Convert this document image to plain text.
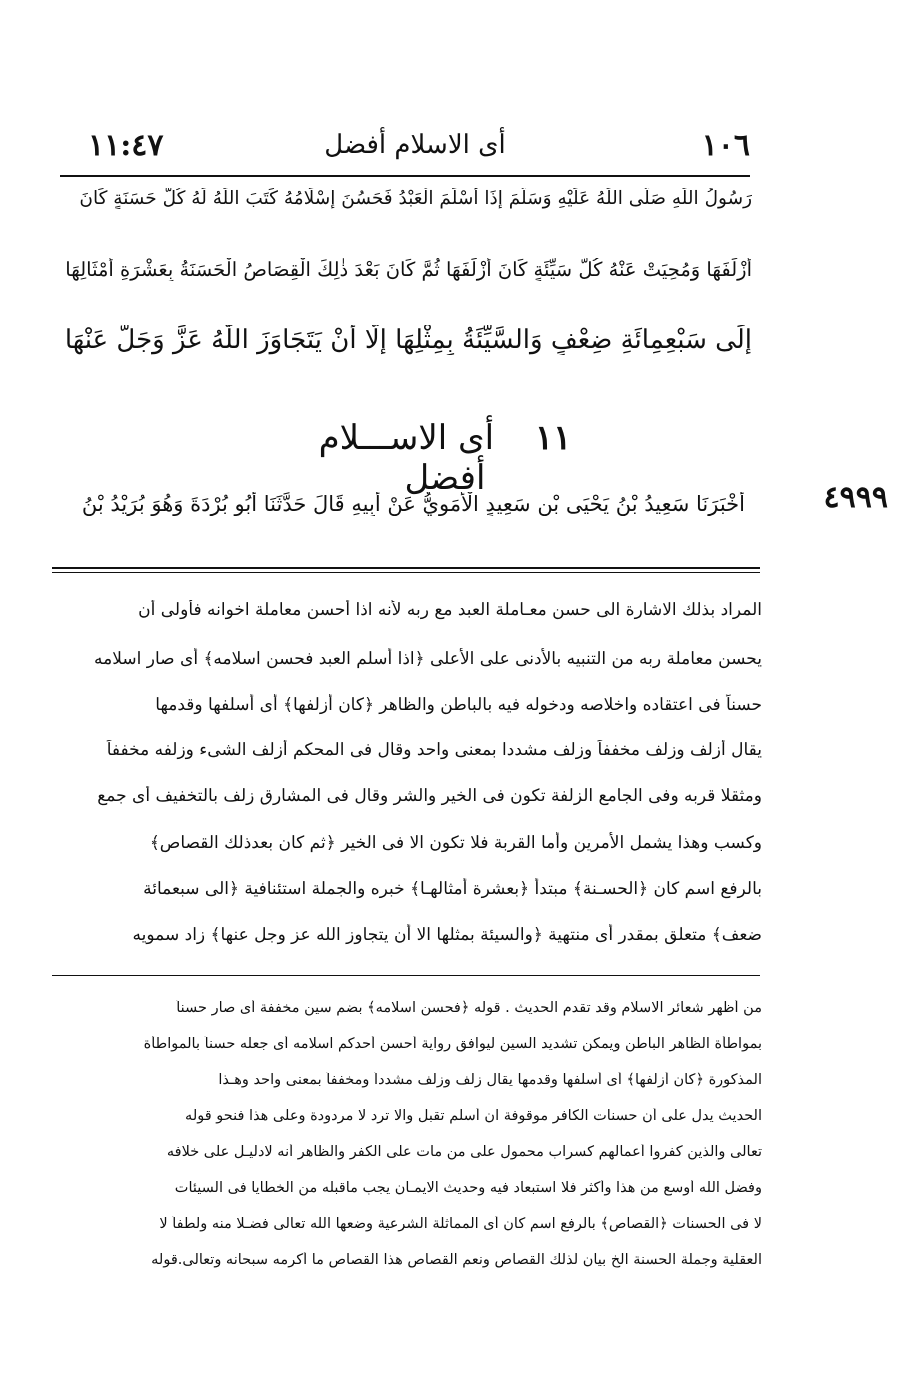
١٠٦
أى الاسلام أفضل
١١:٤٧
رَسُولُ اللّٰهِ صَلَّى اللّٰهُ عَلَيْهِ وَسَلَّمَ إِذَا أَسْلَمَ الْعَبْدُ فَحَسُنَ إِسْلَامُهُ كَتَبَ اللّٰهُ لَهُ كُلَّ حَسَنَةٍ كَانَ
أَزْلَفَهَا وَمُحِيَتْ عَنْهُ كُلُّ سَيِّئَةٍ كَانَ أَزْلَفَهَا ثُمَّ كَانَ بَعْدَ ذٰلِكَ الْقِصَاصُ الْحَسَنَةُ بِعَشْرَةِ أَمْثَالِهَا
إِلَى سَبْعِمِائَةِ ضِعْفٍ وَالسَّيِّئَةُ بِمِثْلِهَا إِلَّا أَنْ يَتَجَاوَزَ اللّٰهُ عَزَّ وَجَلَّ عَنْهَا
١١ أى الاســـلام أفضل	٤٩٩٩
أَخْبَرَنَا سَعِيدُ بْنُ يَحْيَى بْنِ سَعِيدٍ الْأُمَوِيُّ عَنْ أَبِيهِ قَالَ حَدَّثَنَا أَبُو بُرْدَةَ وَهُوَ بُرَيْدُ بْنُ
المراد بذلك الاشارة الى حسن معـاملة العبد مع ربه لأنه اذا أحسن معاملة اخوانه فأولى أن
يحسن معاملة ربه من التنبيه بالأدنى على الأعلى ﴿اذا أسلم العبد فحسن اسلامه﴾ أى صار اسلامه
حسناً فى اعتقاده واخلاصه ودخوله فيه بالباطن والظاهر ﴿كان أزلفها﴾ أى أسلفها وقدمها
يقال أزلف وزلف مخففاً وزلف مشددا بمعنى واحد وقال فى المحكم أزلف الشىء وزلفه مخففاً
ومثقلا قربه وفى الجامع الزلفة تكون فى الخير والشر وقال فى المشارق زلف بالتخفيف أى جمع
وكسب وهذا يشمل الأمرين وأما القربة فلا تكون الا فى الخير ﴿ثم كان بعدذلك القصاص﴾
بالرفع اسم كان ﴿الحسـنة﴾ مبتدأ ﴿بعشرة أمثالهـا﴾ خبره والجملة استئنافية ﴿الى سبعمائة
ضعف﴾ متعلق بمقدر أى منتهية ﴿والسيئة بمثلها الا أن يتجاوز الله عز وجل عنها﴾ زاد سمويه
من أظهر شعائر الاسلام وقد تقدم الحديث . قوله ﴿فحسن اسلامه﴾ بضم سين مخففة أى صار حسناً
بمواطأة الظاهر الباطن ويمكن تشديد السين ليوافق رواية أحسن أحدكم اسلامه أى جعله حسناً بالمواطأة
المذكورة ﴿كان أزلفها﴾ أى أسلفها وقدمها يقال زلف وزلف مشدداً ومخففاً بمعنى واحد وهـذا
الحديث يدل على أن حسنات الكافر موقوفة ان أسلم تقبل والا ترد لا مردودة وعلى هذا فنحو قوله
تعالى والذين كفروا أعمالهم كسراب محمول على من مات على الكفر والظاهر أنه لادليـل على خلافه
وفضل الله أوسع من هذا وأكثر فلا استبعاد فيه وحديث الايمـان يجب ماقبله من الخطايا فى السيئات
لا فى الحسنات ﴿القصاص﴾ بالرفع اسم كان أى المماثلة الشرعية وضعها الله تعالى فضـلا منه ولطفاً لا
العقلية وجملة الحسنة الخ بيان لذلك القصاص ونعم القصاص هذا القصاص ما أكرمه سبحانه وتعالى.قوله
